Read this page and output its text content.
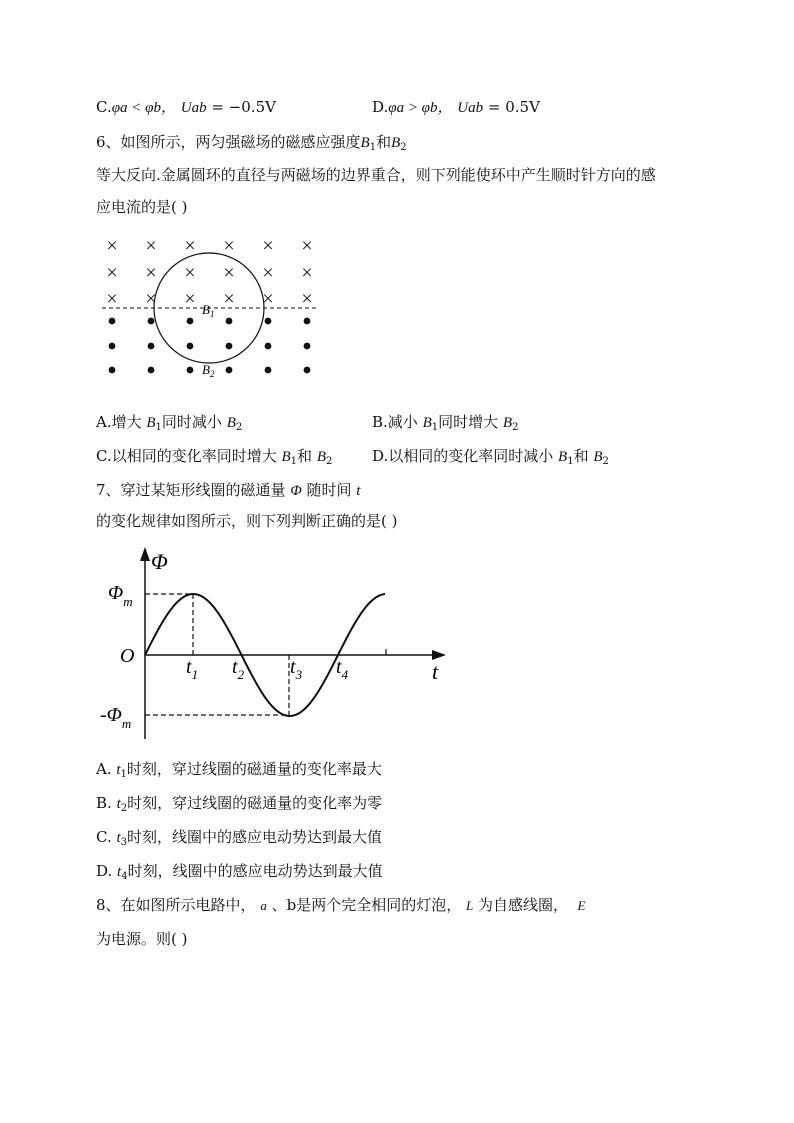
C.φa < φb， Uab = −0.5V	D.φa > φb， Uab = 0.5V
6、如图所示，两匀强磁场的磁感应强度$B_1$和$B_2$
等大反向.金属圆环的直径与两磁场的边界重合，则下列能使环中产生顺时针方向的感
应电流的是( )
× × × × × ×
× × × × × ×
× × × × × ×
$B_1$
$B_2$
A.增大 $B_1$同时减小 $B_2$	B.减小 $B_1$同时增大 $B_2$
C.以相同的变化率同时增大 $B_1$和 $B_2$	D.以相同的变化率同时减小 $B_1$和 $B_2$
7、穿过某矩形线圈的磁通量 Φ 随时间 t
的变化规律如图所示，则下列判断正确的是( )
Φ
t
O
$\Phi_m$
$-\Phi_m$
$t_1$ $t_2$ $t_3$ $t_4$
A. $t_1$时刻，穿过线圈的磁通量的变化率最大
B. $t_2$时刻，穿过线圈的磁通量的变化率为零
C. $t_3$时刻，线圈中的感应电动势达到最大值
D. $t_4$时刻，线圈中的感应电动势达到最大值
8、在如图所示电路中， a 、b是两个完全相同的灯泡， L 为自感线圈， E
为电源。则( )
